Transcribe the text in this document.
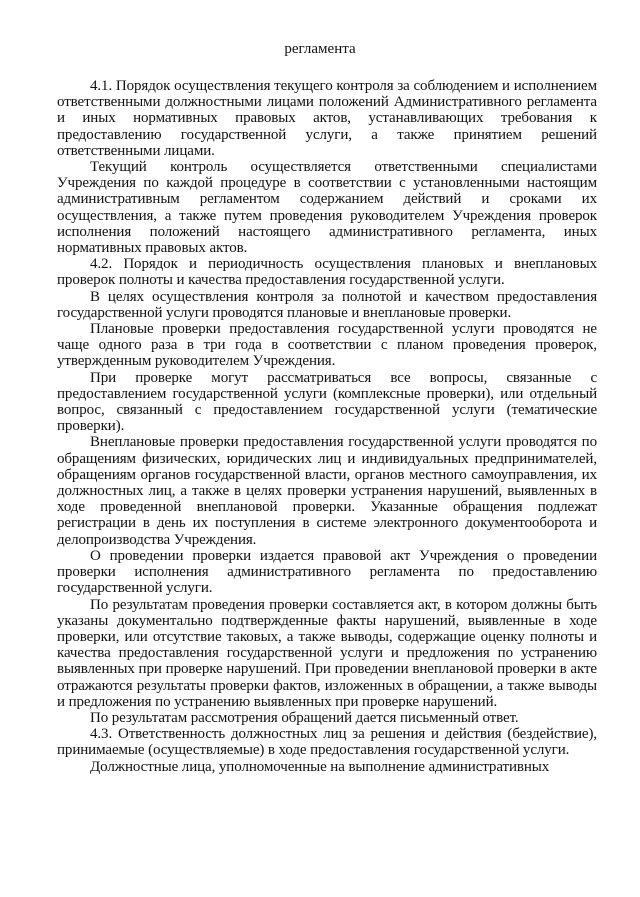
регламента

4.1. Порядок осуществления текущего контроля за соблюдением и исполнением ответственными должностными лицами положений Административного регламента и иных нормативных правовых актов, устанавливающих требования к предоставлению государственной услуги, а также принятием решений ответственными лицами.

Текущий контроль осуществляется ответственными специалистами Учреждения по каждой процедуре в соответствии с установленными настоящим административным регламентом содержанием действий и сроками их осуществления, а также путем проведения руководителем Учреждения проверок исполнения положений настоящего административного регламента, иных нормативных правовых актов.

4.2. Порядок и периодичность осуществления плановых и внеплановых проверок полноты и качества предоставления государственной услуги.

В целях осуществления контроля за полнотой и качеством предоставления государственной услуги проводятся плановые и внеплановые проверки.

Плановые проверки предоставления государственной услуги проводятся не чаще одного раза в три года в соответствии с планом проведения проверок, утвержденным руководителем Учреждения.

При проверке могут рассматриваться все вопросы, связанные с предоставлением государственной услуги (комплексные проверки), или отдельный вопрос, связанный с предоставлением государственной услуги (тематические проверки).

Внеплановые проверки предоставления государственной услуги проводятся по обращениям физических, юридических лиц и индивидуальных предпринимателей, обращениям органов государственной власти, органов местного самоуправления, их должностных лиц, а также в целях проверки устранения нарушений, выявленных в ходе проведенной внеплановой проверки. Указанные обращения подлежат регистрации в день их поступления в системе электронного документооборота и делопроизводства Учреждения.

О проведении проверки издается правовой акт Учреждения о проведении проверки исполнения административного регламента по предоставлению государственной услуги.

По результатам проведения проверки составляется акт, в котором должны быть указаны документально подтвержденные факты нарушений, выявленные в ходе проверки, или отсутствие таковых, а также выводы, содержащие оценку полноты и качества предоставления государственной услуги и предложения по устранению выявленных при проверке нарушений. При проведении внеплановой проверки в акте отражаются результаты проверки фактов, изложенных в обращении, а также выводы и предложения по устранению выявленных при проверке нарушений.

По результатам рассмотрения обращений дается письменный ответ.

4.3. Ответственность должностных лиц за решения и действия (бездействие), принимаемые (осуществляемые) в ходе предоставления государственной услуги.

Должностные лица, уполномоченные на выполнение административных
